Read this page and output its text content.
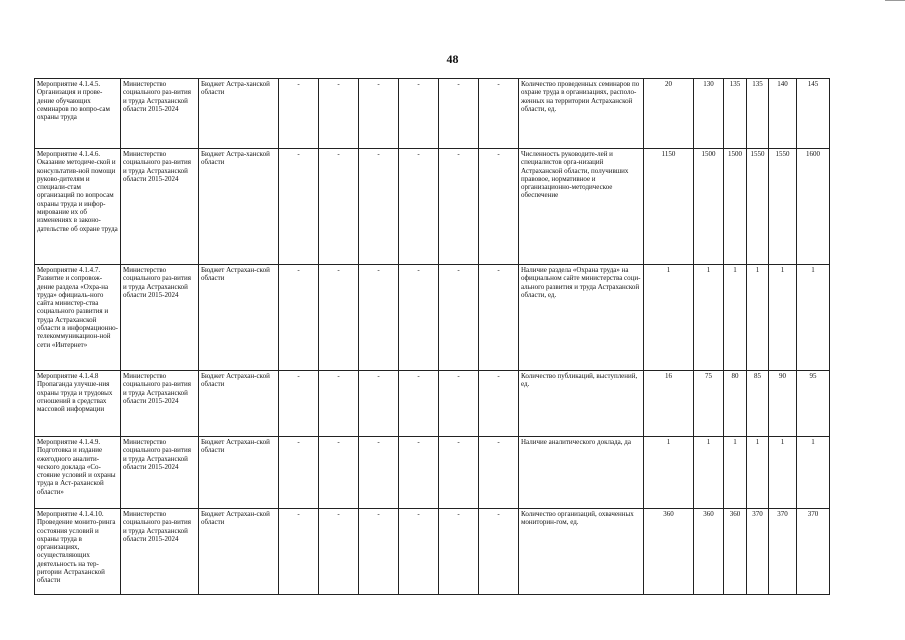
48
Мероприятие 4.1.4.5. Организация и прове-дение обучающих семинаров по вопро-сам охраны труда	Министерство социального раз-вития и труда Астраханской области 2015-2024	Бюджет Астра-ханской области	-	-	-	-	-	-	Количество проведенных семинаров по охране труда в организациях, располо-женных на территории Астраханской области, ед.	20	130	135	135	140	145
Мероприятие 4.1.4.6. Оказание методиче-ской и консультатив-ной помощи руково-дителям и специали-стам организаций по вопросам охраны труда и инфор-мирование их об изменениях в законо-дательстве об охране труда	Министерство социального раз-вития и труда Астраханской области 2015-2024	Бюджет Астра-ханской области	-	-	-	-	-	-	Численность руководите-лей и специалистов орга-низаций Астраханской области, получивших правовое, нормативное и организационно-методическое обеспечение	1150	1500	1500	1550	1550	1600
Мероприятие 4.1.4.7. Развитие и сопровож-дение раздела «Охра-на труда» официаль-ного сайта министер-ства социального развития и труда Астраханской области в информационно-телекоммуникацион-ной сети «Интернет»	Министерство социального раз-вития и труда Астраханской области 2015-2024	Бюджет Астрахан-ской области	-	-	-	-	-	-	Наличие раздела «Охрана труда» на официальном сайте министерства соци-ального развития и труда Астраханской области, ед.	1	1	1	1	1	1
Мероприятие 4.1.4.8 Пропаганда улучше-ния охраны труда и трудовых отношений в средствах массовой информации	Министерство социального раз-вития и труда Астраханской области 2015-2024	Бюджет Астрахан-ской области	-	-	-	-	-	-	Количество публикаций, выступлений, ед.	16	75	80	85	90	95
Мероприятие 4.1.4.9. Подготовка и издание ежегодного аналити-ческого доклада «Со-стояние условий и охраны труда в Аст-раханской области»	Министерство социального раз-вития и труда Астраханской области 2015-2024	Бюджет Астрахан-ской области	-	-	-	-	-	-	Наличие аналитического доклада, да	1	1	1	1	1	1
Мероприятие 4.1.4.10. Проведение монито-ринга состояния условий и охраны труда в организациях, осуществляющих деятельность на тер-ритории Астраханской области	Министерство социального раз-вития и труда Астраханской области 2015-2024	Бюджет Астрахан-ской области	-	-	-	-	-	-	Количество организаций, охваченных мониторин-гом, ед.	360	360	360	370	370	370
